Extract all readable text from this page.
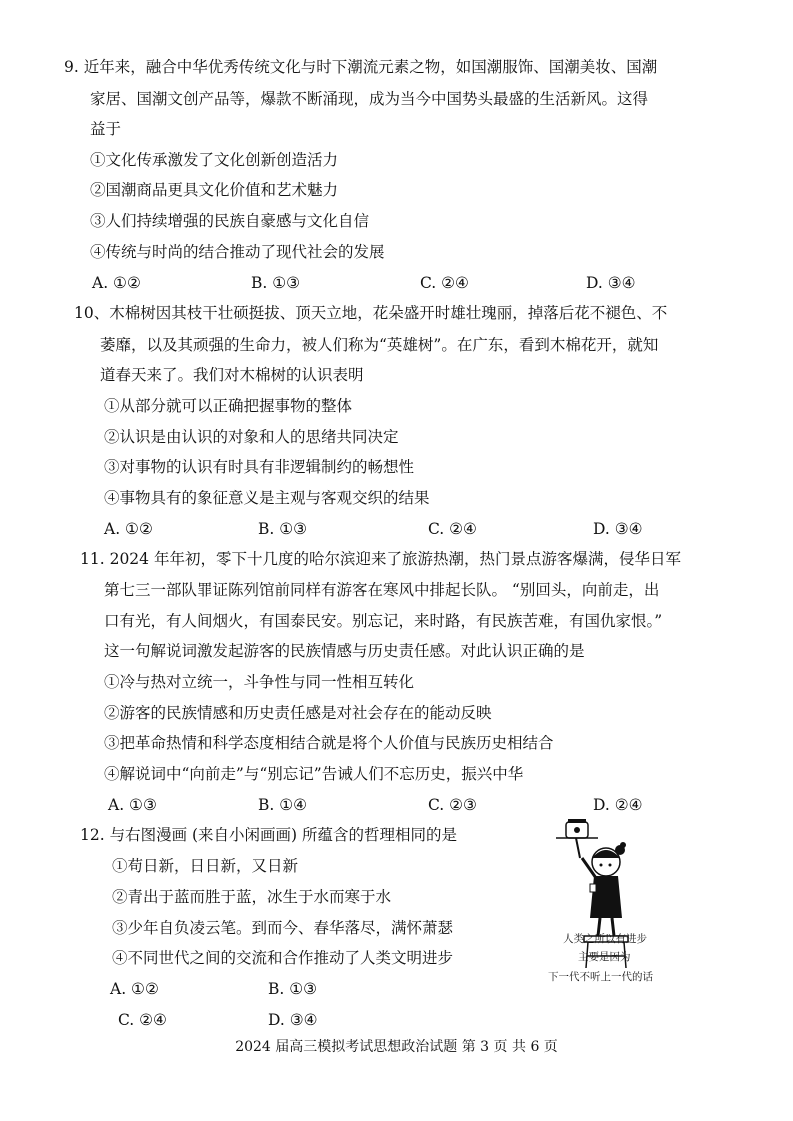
9. 近年来，融合中华优秀传统文化与时下潮流元素之物，如国潮服饰、国潮美妆、国潮
家居、国潮文创产品等，爆款不断涌现，成为当今中国势头最盛的生活新风。这得
益于
①文化传承激发了文化创新创造活力
②国潮商品更具文化价值和艺术魅力
③人们持续增强的民族自豪感与文化自信
④传统与时尚的结合推动了现代社会的发展
A. ①②	B. ①③	C. ②④	D. ③④
10、木棉树因其枝干壮硕挺拔、顶天立地，花朵盛开时雄壮瑰丽，掉落后花不褪色、不
萎靡，以及其顽强的生命力，被人们称为“英雄树”。在广东，看到木棉花开，就知
道春天来了。我们对木棉树的认识表明
①从部分就可以正确把握事物的整体
②认识是由认识的对象和人的思绪共同决定
③对事物的认识有时具有非逻辑制约的畅想性
④事物具有的象征意义是主观与客观交织的结果
A. ①②	B. ①③	C. ②④	D. ③④
11. 2024 年年初，零下十几度的哈尔滨迎来了旅游热潮，热门景点游客爆满，侵华日军
第七三一部队罪证陈列馆前同样有游客在寒风中排起长队。 “别回头，向前走，出
口有光，有人间烟火，有国泰民安。别忘记，来时路，有民族苦难，有国仇家恨。”
这一句解说词激发起游客的民族情感与历史责任感。对此认识正确的是
①冷与热对立统一，斗争性与同一性相互转化
②游客的民族情感和历史责任感是对社会存在的能动反映
③把革命热情和科学态度相结合就是将个人价值与民族历史相结合
④解说词中“向前走”与“别忘记”告诫人们不忘历史，振兴中华
A. ①③	B. ①④	C. ②③	D. ②④
12. 与右图漫画 (来自小闲画画) 所蕴含的哲理相同的是
①苟日新，日日新，又日新
②青出于蓝而胜于蓝，冰生于水而寒于水
③少年自负凌云笔。到而今、春华落尽，满怀萧瑟
④不同世代之间的交流和合作推动了人类文明进步
A. ①②	B. ①③
C. ②④	D. ③④
人类之所以有进步
主要是因为
下一代不听上一代的话
2024 届高三模拟考试思想政治试题 第 3 页 共 6 页
